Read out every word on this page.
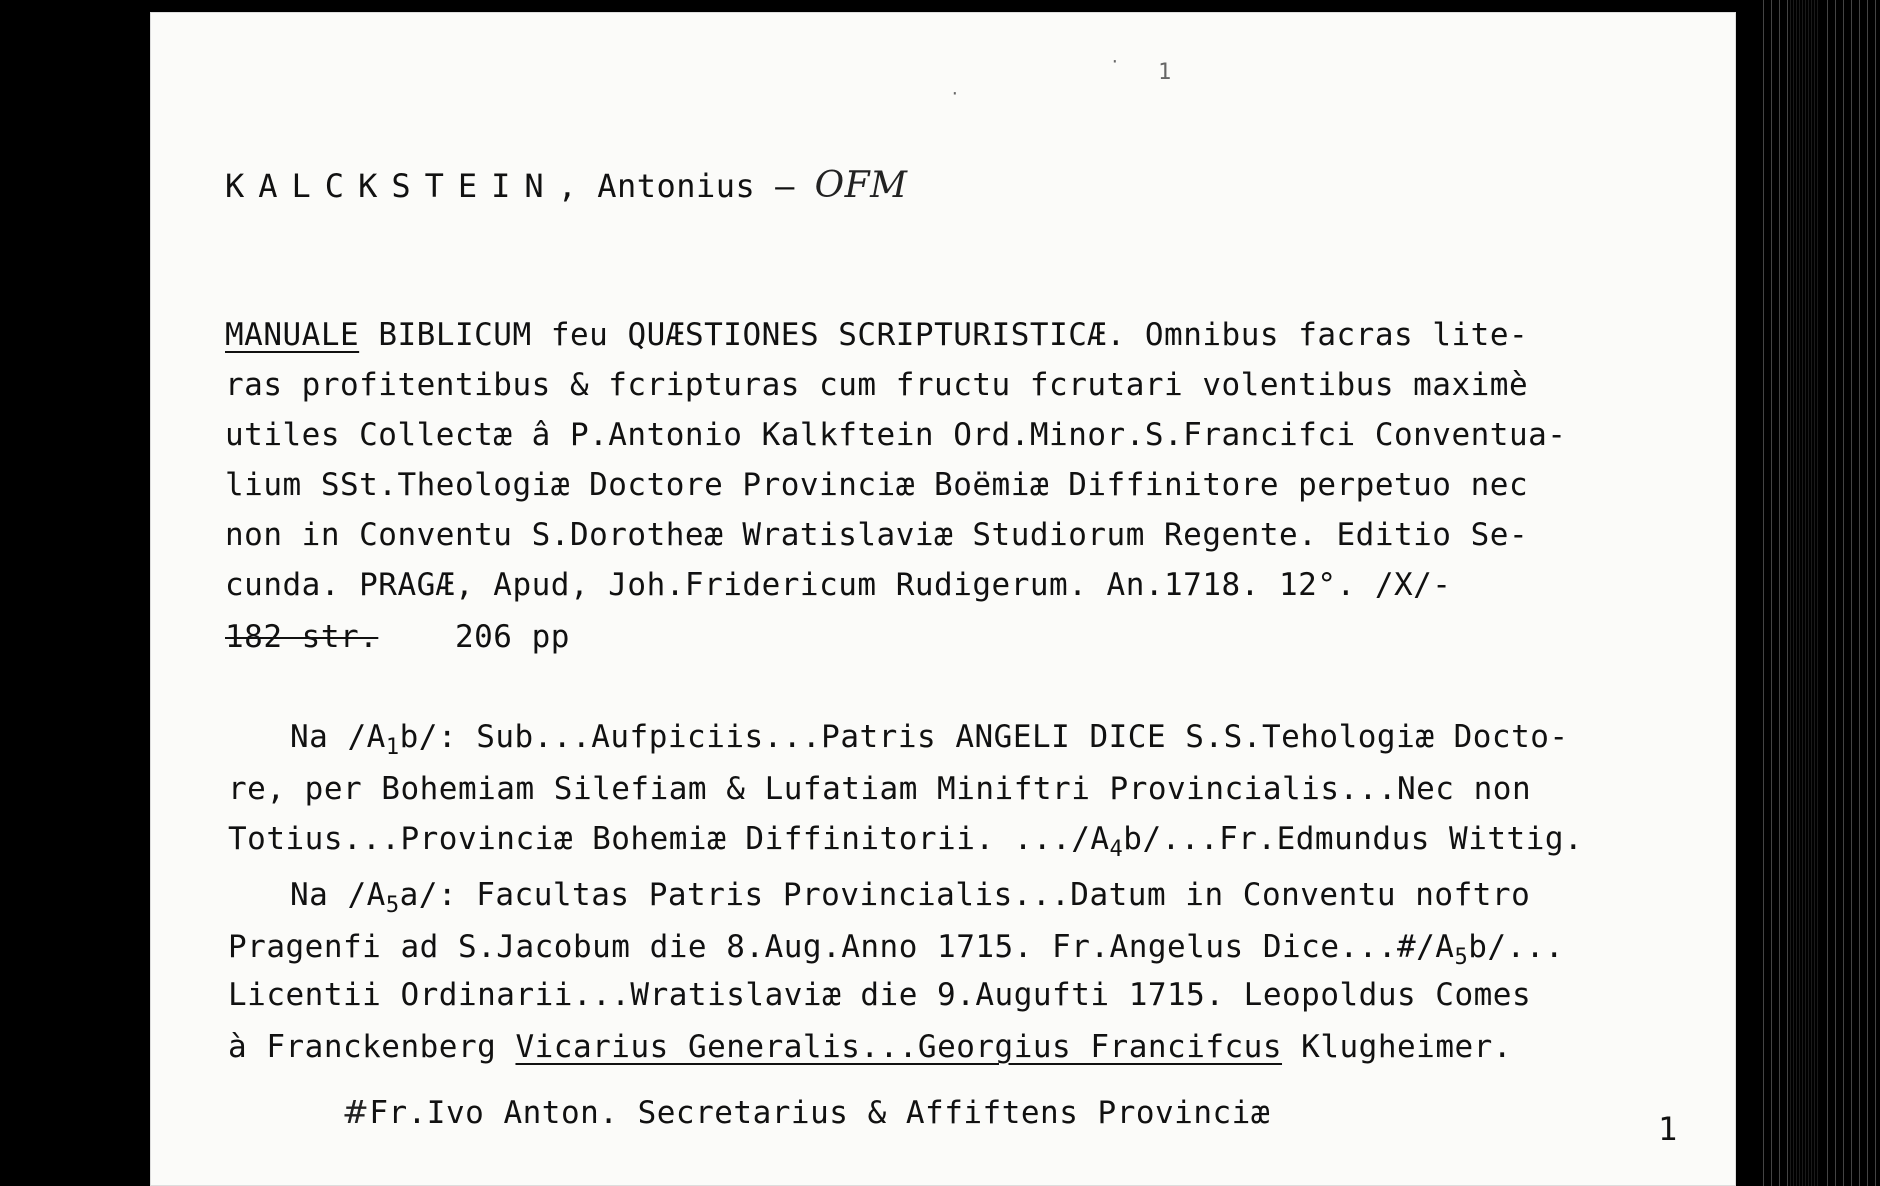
· 1
·
KALCKSTEIN, Antonius – OFM
MANUALE BIBLICUM feu QUÆSTIONES SCRIPTURISTICÆ. Omnibus facras lite-
ras profitentibus & fcripturas cum fructu fcrutari volentibus maximè
utiles Collectæ â P.Antonio Kalkftein Ord.Minor.S.Francifci Conventua-
lium SSt.Theologiæ Doctore Provinciæ Boëmiæ Diffinitore perpetuo nec
non in Conventu S.Dorotheæ Wratislaviæ Studiorum Regente. Editio Se-
cunda. PRAGÆ, Apud, Joh.Fridericum Rudigerum. An.1718. 12°. /X/-
182 str. 206 pp
Na $/A_1b/$: Sub...Aufpiciis...Patris ANGELI DICE S.S.Tehologiæ Docto-
re, per Bohemiam Silefiam & Lufatiam Miniftri Provincialis...Nec non
Totius...Provinciæ Bohemiæ Diffinitorii. $.../A_4b/...Fr.Edmundus$ Wittig.
Na $/A_5a/$: Facultas Patris Provincialis...Datum in Conventu noftro
Pragenfi ad S.Jacobum die 8.Aug.Anno 1715. Fr.Angelus $Dice...\#/A_5b/$...
Licentii Ordinarii...Wratislaviæ die 9.Augufti 1715. Leopoldus Comes
à Franckenberg Vicarius Generalis...Georgius Francifcus Klugheimer.
#Fr.Ivo Anton. Secretarius & Affiftens Provinciæ	1
